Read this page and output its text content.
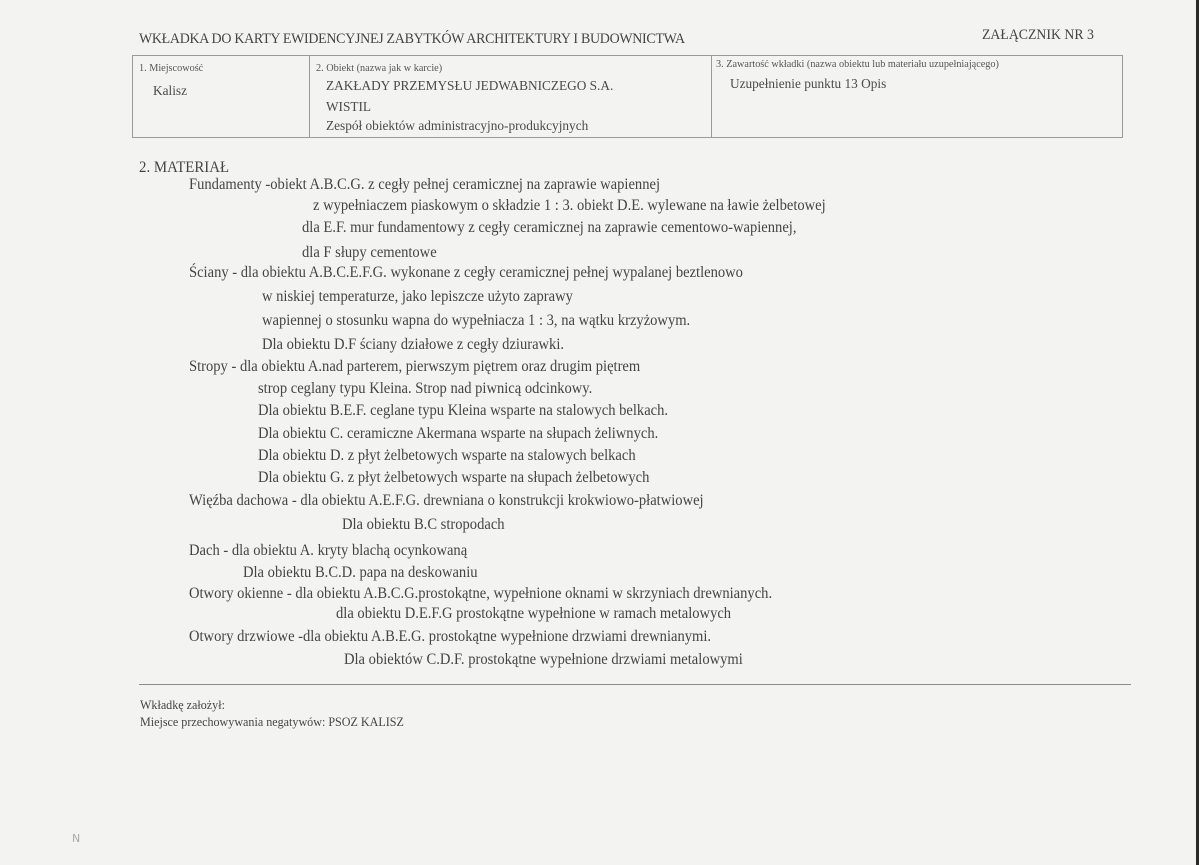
WKŁADKA DO KARTY EWIDENCYJNEJ ZABYTKÓW ARCHITEKTURY I BUDOWNICTWA	ZAŁĄCZNIK NR 3
1. Miejscowość
Kalisz
2. Obiekt (nazwa jak w karcie)
ZAKŁADY PRZEMYSŁU JEDWABNICZEGO S.A.
WISTIL
Zespół obiektów administracyjno-produkcyjnych
3. Zawartość wkładki (nazwa obiektu lub materiału uzupełniającego)
Uzupełnienie punktu 13 Opis
2. MATERIAŁ
Fundamenty -obiekt A.B.C.G. z cegły pełnej ceramicznej na zaprawie wapiennej
z wypełniaczem piaskowym o składzie 1 : 3. obiekt D.E. wylewane na ławie żelbetowej
dla E.F. mur fundamentowy z cegły ceramicznej na zaprawie cementowo-wapiennej,
dla F słupy cementowe
Ściany - dla obiektu A.B.C.E.F.G. wykonane z cegły ceramicznej pełnej wypalanej beztlenowo
w niskiej temperaturze, jako lepiszcze użyto zaprawy
wapiennej o stosunku wapna do wypełniacza 1 : 3, na wątku krzyżowym.
Dla obiektu D.F ściany działowe z cegły dziurawki.
Stropy - dla obiektu A.nad parterem, pierwszym piętrem oraz drugim piętrem
strop ceglany typu Kleina. Strop nad piwnicą odcinkowy.
Dla obiektu B.E.F. ceglane typu Kleina wsparte na stalowych belkach.
Dla obiektu C. ceramiczne Akermana wsparte na słupach żeliwnych.
Dla obiektu D. z płyt żelbetowych wsparte na stalowych belkach
Dla obiektu G. z płyt żelbetowych wsparte na słupach żelbetowych
Więźba dachowa - dla obiektu A.E.F.G. drewniana o konstrukcji krokwiowo-płatwiowej
Dla obiektu B.C stropodach
Dach - dla obiektu A. kryty blachą ocynkowaną
Dla obiektu B.C.D. papa na deskowaniu
Otwory okienne - dla obiektu A.B.C.G.prostokątne, wypełnione oknami w skrzyniach drewnianych.
dla obiektu D.E.F.G prostokątne wypełnione w ramach metalowych
Otwory drzwiowe -dla obiektu A.B.E.G. prostokątne wypełnione drzwiami drewnianymi.
Dla obiektów C.D.F. prostokątne wypełnione drzwiami metalowymi
Wkładkę założył:
Miejsce przechowywania negatywów: PSOZ KALISZ
N
